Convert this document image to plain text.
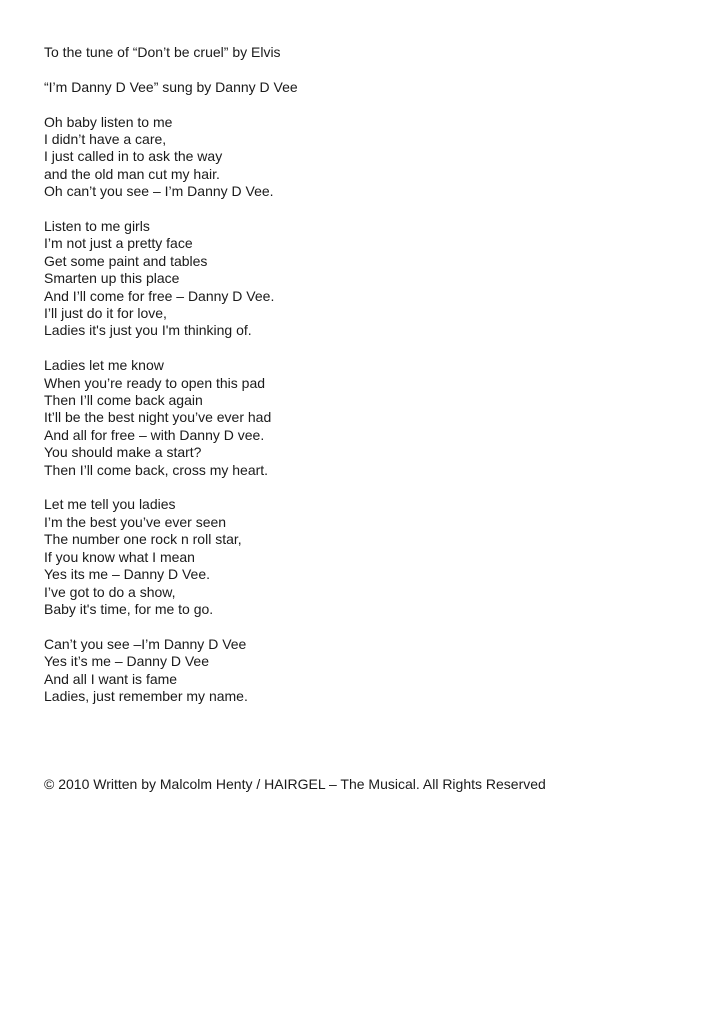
To the tune of “Don’t be cruel” by Elvis
“I’m Danny D Vee” sung by Danny D Vee
Oh baby listen to me
I didn’t have a care,
I just called in to ask the way
and the old man cut my hair.
Oh can’t you see – I’m Danny D Vee.
Listen to me girls
I’m not just a pretty face
Get some paint and tables
Smarten up this place
And I’ll come for free – Danny D Vee.
I’ll just do it for love,
Ladies it's just you I'm thinking of.
Ladies let me know
When you’re ready to open this pad
Then I’ll come back again
It’ll be the best night you’ve ever had
And all for free – with Danny D vee.
You should make a start?
Then I’ll come back, cross my heart.
Let me tell you ladies
I’m the best you’ve ever seen
The number one rock n roll star,
If you know what I mean
Yes its me – Danny D Vee.
I’ve got to do a show,
Baby it's time, for me to go.
Can’t you see –I’m Danny D Vee
Yes it’s me – Danny D Vee
And all I want is fame
Ladies, just remember my name.
© 2010 Written by Malcolm Henty / HAIRGEL – The Musical. All Rights Reserved
